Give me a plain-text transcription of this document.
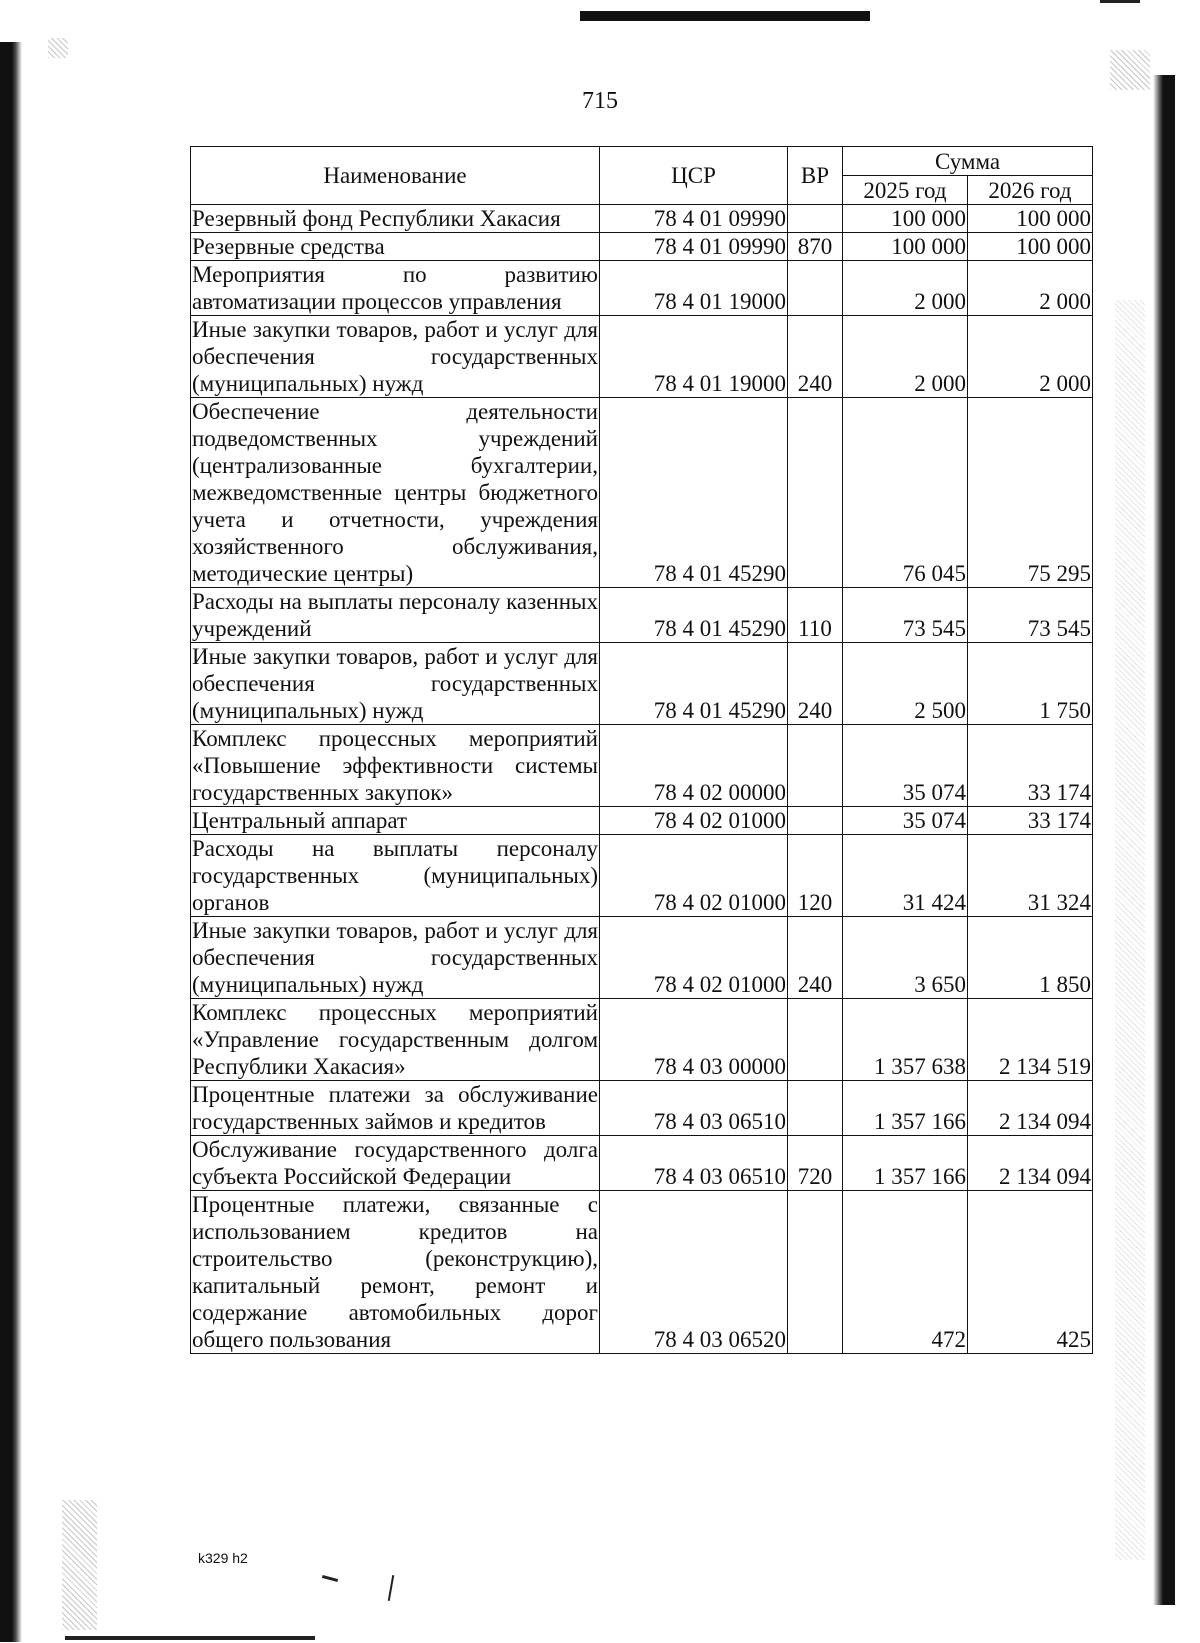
715
Наименование	ЦСР	ВР	Сумма	
			2025 год	2026 год
Резервный фонд Республики Хакасия	78 4 01 09990		100 000	100 000
Резервные средства	78 4 01 09990	870	100 000	100 000
Мероприятия по развитию автоматизации процессов управления	78 4 01 19000		2 000	2 000
Иные закупки товаров, работ и услуг для обеспечения государственных (муниципальных) нужд	78 4 01 19000	240	2 000	2 000
Обеспечение деятельности подведомственных учреждений (централизованные бухгалтерии, межведомственные центры бюджетного учета и отчетности, учреждения хозяйственного обслуживания, методические центры)	78 4 01 45290		76 045	75 295
Расходы на выплаты персоналу казенных учреждений	78 4 01 45290	110	73 545	73 545
Иные закупки товаров, работ и услуг для обеспечения государственных (муниципальных) нужд	78 4 01 45290	240	2 500	1 750
Комплекс процессных мероприятий «Повышение эффективности системы государственных закупок»	78 4 02 00000		35 074	33 174
Центральный аппарат	78 4 02 01000		35 074	33 174
Расходы на выплаты персоналу государственных (муниципальных) органов	78 4 02 01000	120	31 424	31 324
Иные закупки товаров, работ и услуг для обеспечения государственных (муниципальных) нужд	78 4 02 01000	240	3 650	1 850
Комплекс процессных мероприятий «Управление государственным долгом Республики Хакасия»	78 4 03 00000		1 357 638	2 134 519
Процентные платежи за обслуживание государственных займов и кредитов	78 4 03 06510		1 357 166	2 134 094
Обслуживание государственного долга субъекта Российской Федерации	78 4 03 06510	720	1 357 166	2 134 094
Процентные платежи, связанные с использованием кредитов на строительство (реконструкцию), капитальный ремонт, ремонт и содержание автомобильных дорог общего пользования	78 4 03 06520		472	425
k329 h2
